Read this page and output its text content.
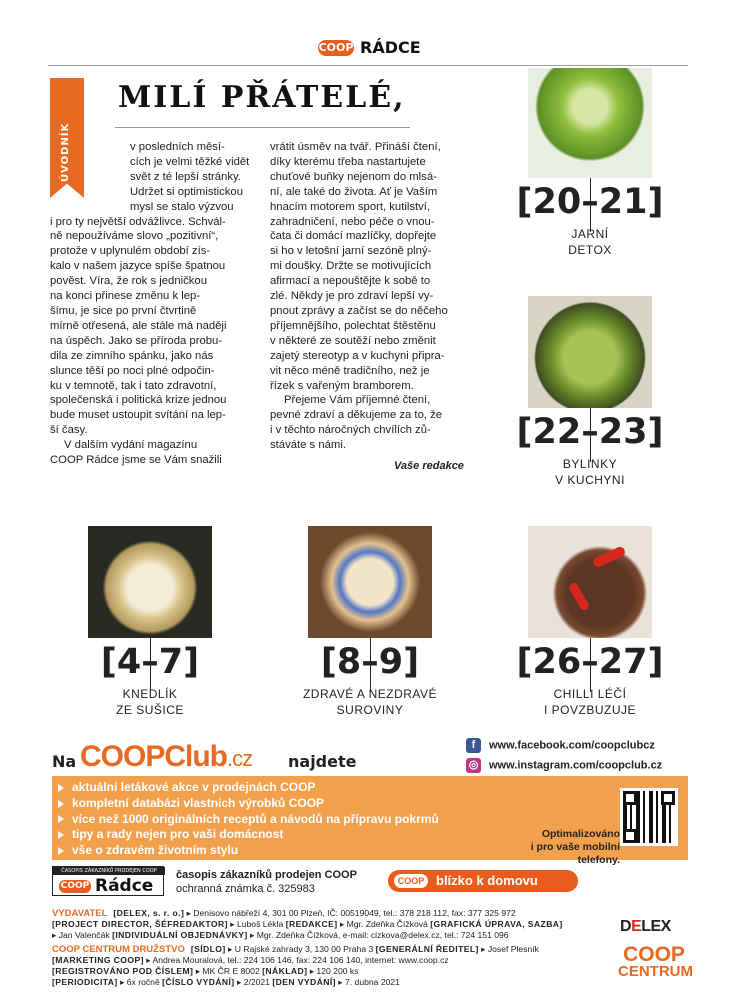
COOP RÁDCE
ÚVODNÍK
MILÍ PŘÁTELÉ,

v posledních měsí-

cích je velmi těžké vidět

svět z té lepší stránky.

Udržet si optimistickou

mysl se stalo výzvou

i pro ty největší odvážlivce. Schvál-

ně nepoužíváme slovo „pozitivní“,

protože v uplynulém období zís-

kalo v našem jazyce spíše špatnou

pověst. Víra, že rok s jedničkou

na konci přinese změnu k lep-

šímu, je sice po první čtvrtině

mírně otřesená, ale stále má naději

na úspěch. Jako se příroda probu-

dila ze zimního spánku, jako nás

slunce těší po noci plné odpočin-

ku v temnotě, tak i tato zdravotní,

společenská i politická krize jednou

bude muset ustoupit svítání na lep-

ší časy.

V dalším vydání magazínu

COOP Rádce jsme se Vám snažili

vrátit úsměv na tvář. Přináší čtení,

díky kterému třeba nastartujete

chuťové buňky nejenom do mlsá-

ní, ale také do života. Ať je Vaším

hnacím motorem sport, kutilství,

zahradničení, nebo péče o vnou-

čata či domácí mazlíčky, dopřejte

si ho v letošní jarní sezóně plný-

mi doušky. Držte se motivujících

afirmací a nepouštějte k sobě to

zlé. Někdy je pro zdraví lepší vy-

pnout zprávy a začíst se do něčeho

příjemnějšího, polechtat štěstěnu

v některé ze soutěží nebo změnit

zajetý stereotyp a v kuchyni připra-

vit něco méně tradičního, než je

řízek s vařeným bramborem.

Přejeme Vám příjemné čtení,

pevné zdraví a děkujeme za to, že

i v těchto náročných chvílích zů-

stáváte s námi.

Vaše redakce
[20–21]
JARNÍ
DETOX
[22–23]
BYLINKY
V KUCHYNI
[4–7]
KNEDLÍK
ZE SUŠICE
[8–9]
ZDRAVÉ A NEZDRAVÉ
SUROVINY
[26–27]
CHILLI LÉČÍ
I POVZBUZUJE
Na COOPClub.cz najdete
f www.facebook.com/coopclubcz
◎ www.instagram.com/coopclub.cz
aktuální letákové akce v prodejnách COOP
kompletní databázi vlastních výrobků COOP
více než 1000 originálních receptů a návodů na přípravu pokrmů
tipy a rady nejen pro vaši domácnost
vše o zdravém životním stylu
Optimalizováno
i pro vaše mobilní telefony.
ČASOPIS ZÁKAZNÍKŮ PRODEJEN COOP
COOP Rádce
časopis zákazníků prodejen COOP
ochranná známka č. 325983
COOP blízko k domovu
VYDAVATEL [DELEX, s. r. o.] ▸ Denisovo nábřeží 4, 301 00 Plzeň, IČ: 00519049, tel.: 378 218 112, fax: 377 325 972
[PROJECT DIRECTOR, ŠÉFREDAKTOR] ▸ Luboš Lékla [REDAKCE] ▸ Mgr. Zdeňka Čížková [GRAFICKÁ ÚPRAVA, SAZBA]
▸ Jan Valenčák [INDIVIDUÁLNÍ OBJEDNÁVKY] ▸ Mgr. Zdeňka Čížková, e-mail: cizkova@delex.cz, tel.: 724 151 096
COOP CENTRUM DRUŽSTVO [SÍDLO] ▸ U Rajské zahrady 3, 130 00 Praha 3 [GENERÁLNÍ ŘEDITEL] ▸ Josef Plesník
[MARKETING COOP] ▸ Andrea Mouralová, tel.: 224 106 146, fax: 224 106 140, internet: www.coop.cz
[REGISTROVÁNO POD ČÍSLEM] ▸ MK ČR E 8002 [NÁKLAD] ▸ 120 200 ks
[PERIODICITA] ▸ 6x ročně [ČÍSLO VYDÁNÍ] ▸ 2/2021 [DEN VYDÁNÍ] ▸ 7. dubna 2021
DELEX
COOP
CENTRUM
